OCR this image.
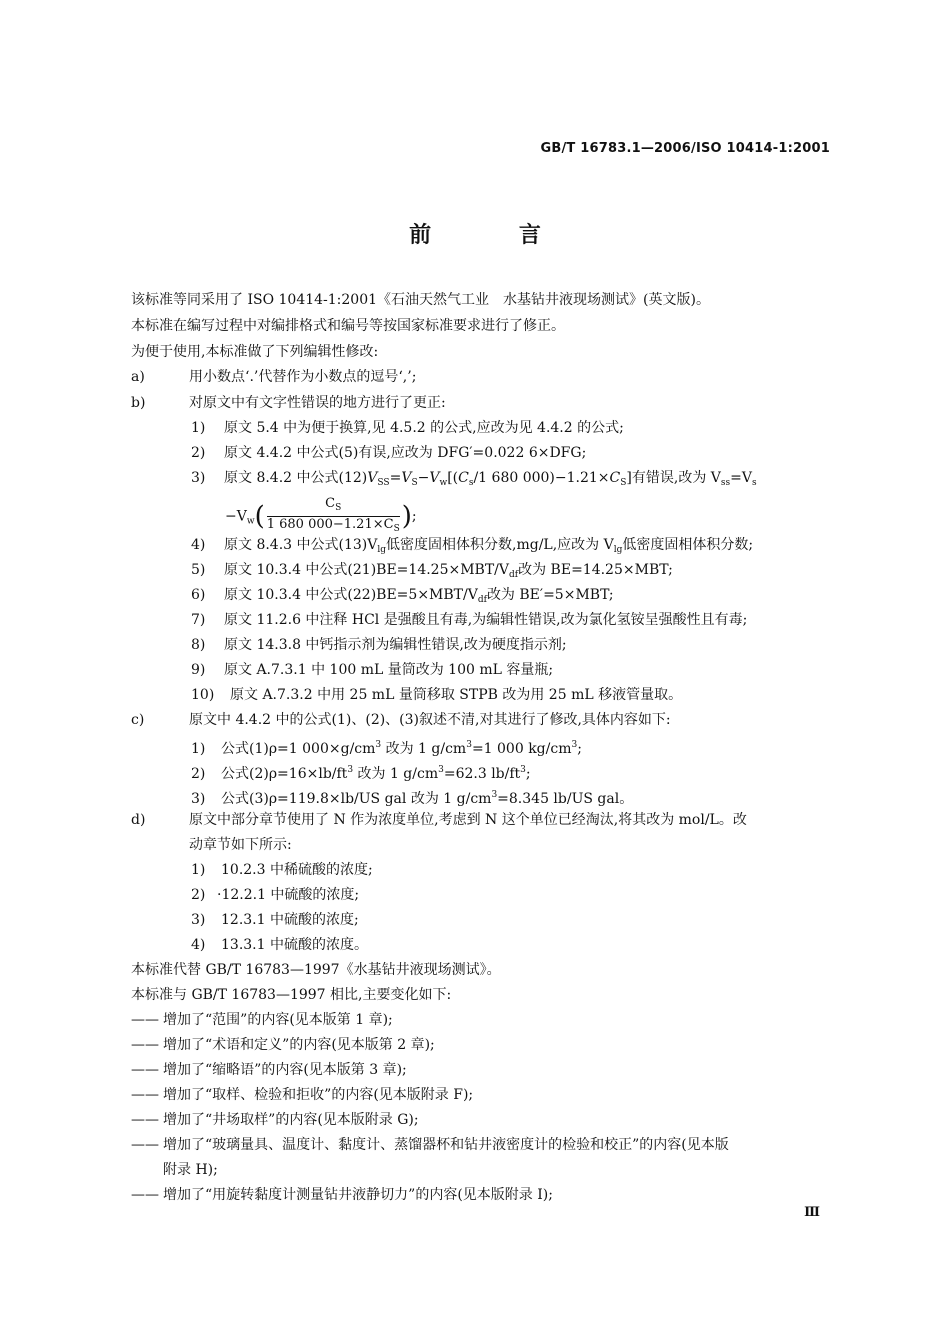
GB/T 16783.1—2006/ISO 10414-1:2001
前 言
该标准等同采用了 ISO 10414-1:2001《石油天然气工业　水基钻井液现场测试》(英文版)。
本标准在编写过程中对编排格式和编号等按国家标准要求进行了修正。
为便于使用,本标准做了下列编辑性修改:
a)	用小数点‘.’代替作为小数点的逗号‘,’;
b)	对原文中有文字性错误的地方进行了更正:
1) 原文 5.4 中为便于换算,见 4.5.2 的公式,应改为见 4.4.2 的公式;
2) 原文 4.4.2 中公式(5)有误,应改为 DFG′=0.022 6×DFG;
3) 原文 8.4.2 中公式$(12)V_{SS}=V_S-V_w[(C_s/1$ 680 $000)-1.21\times C_S$]有错误,改为 $V_{ss}=V_s$
$-V_w( \frac{C_S}{1 680 000-1.21\times C_S}$ );
4) 原文 8.4.3 中公式$(13)V_{lg}$低密度固相体积分数,mg/L,应改为 $V_{lg}$低密度固相体积分数;
5) 原文 10.3.4 中公式$(21)BE=14.25\times MBT/V_{df}$改为 BE=14.25×MBT;
6) 原文 10.3.4 中公式$(22)BE=5\times MBT/V_{df}$改为 BE′=5×MBT;
7) 原文 11.2.6 中注释 HCl 是强酸且有毒,为编辑性错误,改为氯化氢铵呈强酸性且有毒;
8) 原文 14.3.8 中钙指示剂为编辑性错误,改为硬度指示剂;
9) 原文 A.7.3.1 中 100 mL 量筒改为 100 mL 容量瓶;
10) 原文 A.7.3.2 中用 25 mL 量筒移取 STPB 改为用 25 mL 移液管量取。
c)	原文中 4.4.2 中的公式(1)、(2)、(3)叙述不清,对其进行了修改,具体内容如下:
1) 公式(1)ρ=1 $000\times g/cm^3$ 改为 1 $g/cm^3=1$ 000 $kg/cm^3$;
2) 公式$(2)\rho=16\times lb/ft^3$ 改为 1 $g/cm^3=62.3$ $lb/ft^3$;
3) 公式(3)ρ=119.8×lb/US gal 改为 1 $g/cm^3=8.345$ lb/US gal。
d)	原文中部分章节使用了 N 作为浓度单位,考虑到 N 这个单位已经淘汰,将其改为 mol/L。改
动章节如下所示:
1) 10.2.3 中稀硫酸的浓度;
2) ·12.2.1 中硫酸的浓度;
3) 12.3.1 中硫酸的浓度;
4) 13.3.1 中硫酸的浓度。
本标准代替 GB/T 16783—1997《水基钻井液现场测试》。
本标准与 GB/T 16783—1997 相比,主要变化如下:
—— 增加了“范围”的内容(见本版第 1 章);
—— 增加了“术语和定义”的内容(见本版第 2 章);
—— 增加了“缩略语”的内容(见本版第 3 章);
—— 增加了“取样、检验和拒收”的内容(见本版附录 F);
—— 增加了“井场取样”的内容(见本版附录 G);
—— 增加了“玻璃量具、温度计、黏度计、蒸馏器杯和钻井液密度计的检验和校正”的内容(见本版
附录 H);
—— 增加了“用旋转黏度计测量钻井液静切力”的内容(见本版附录 I);
Ⅲ
